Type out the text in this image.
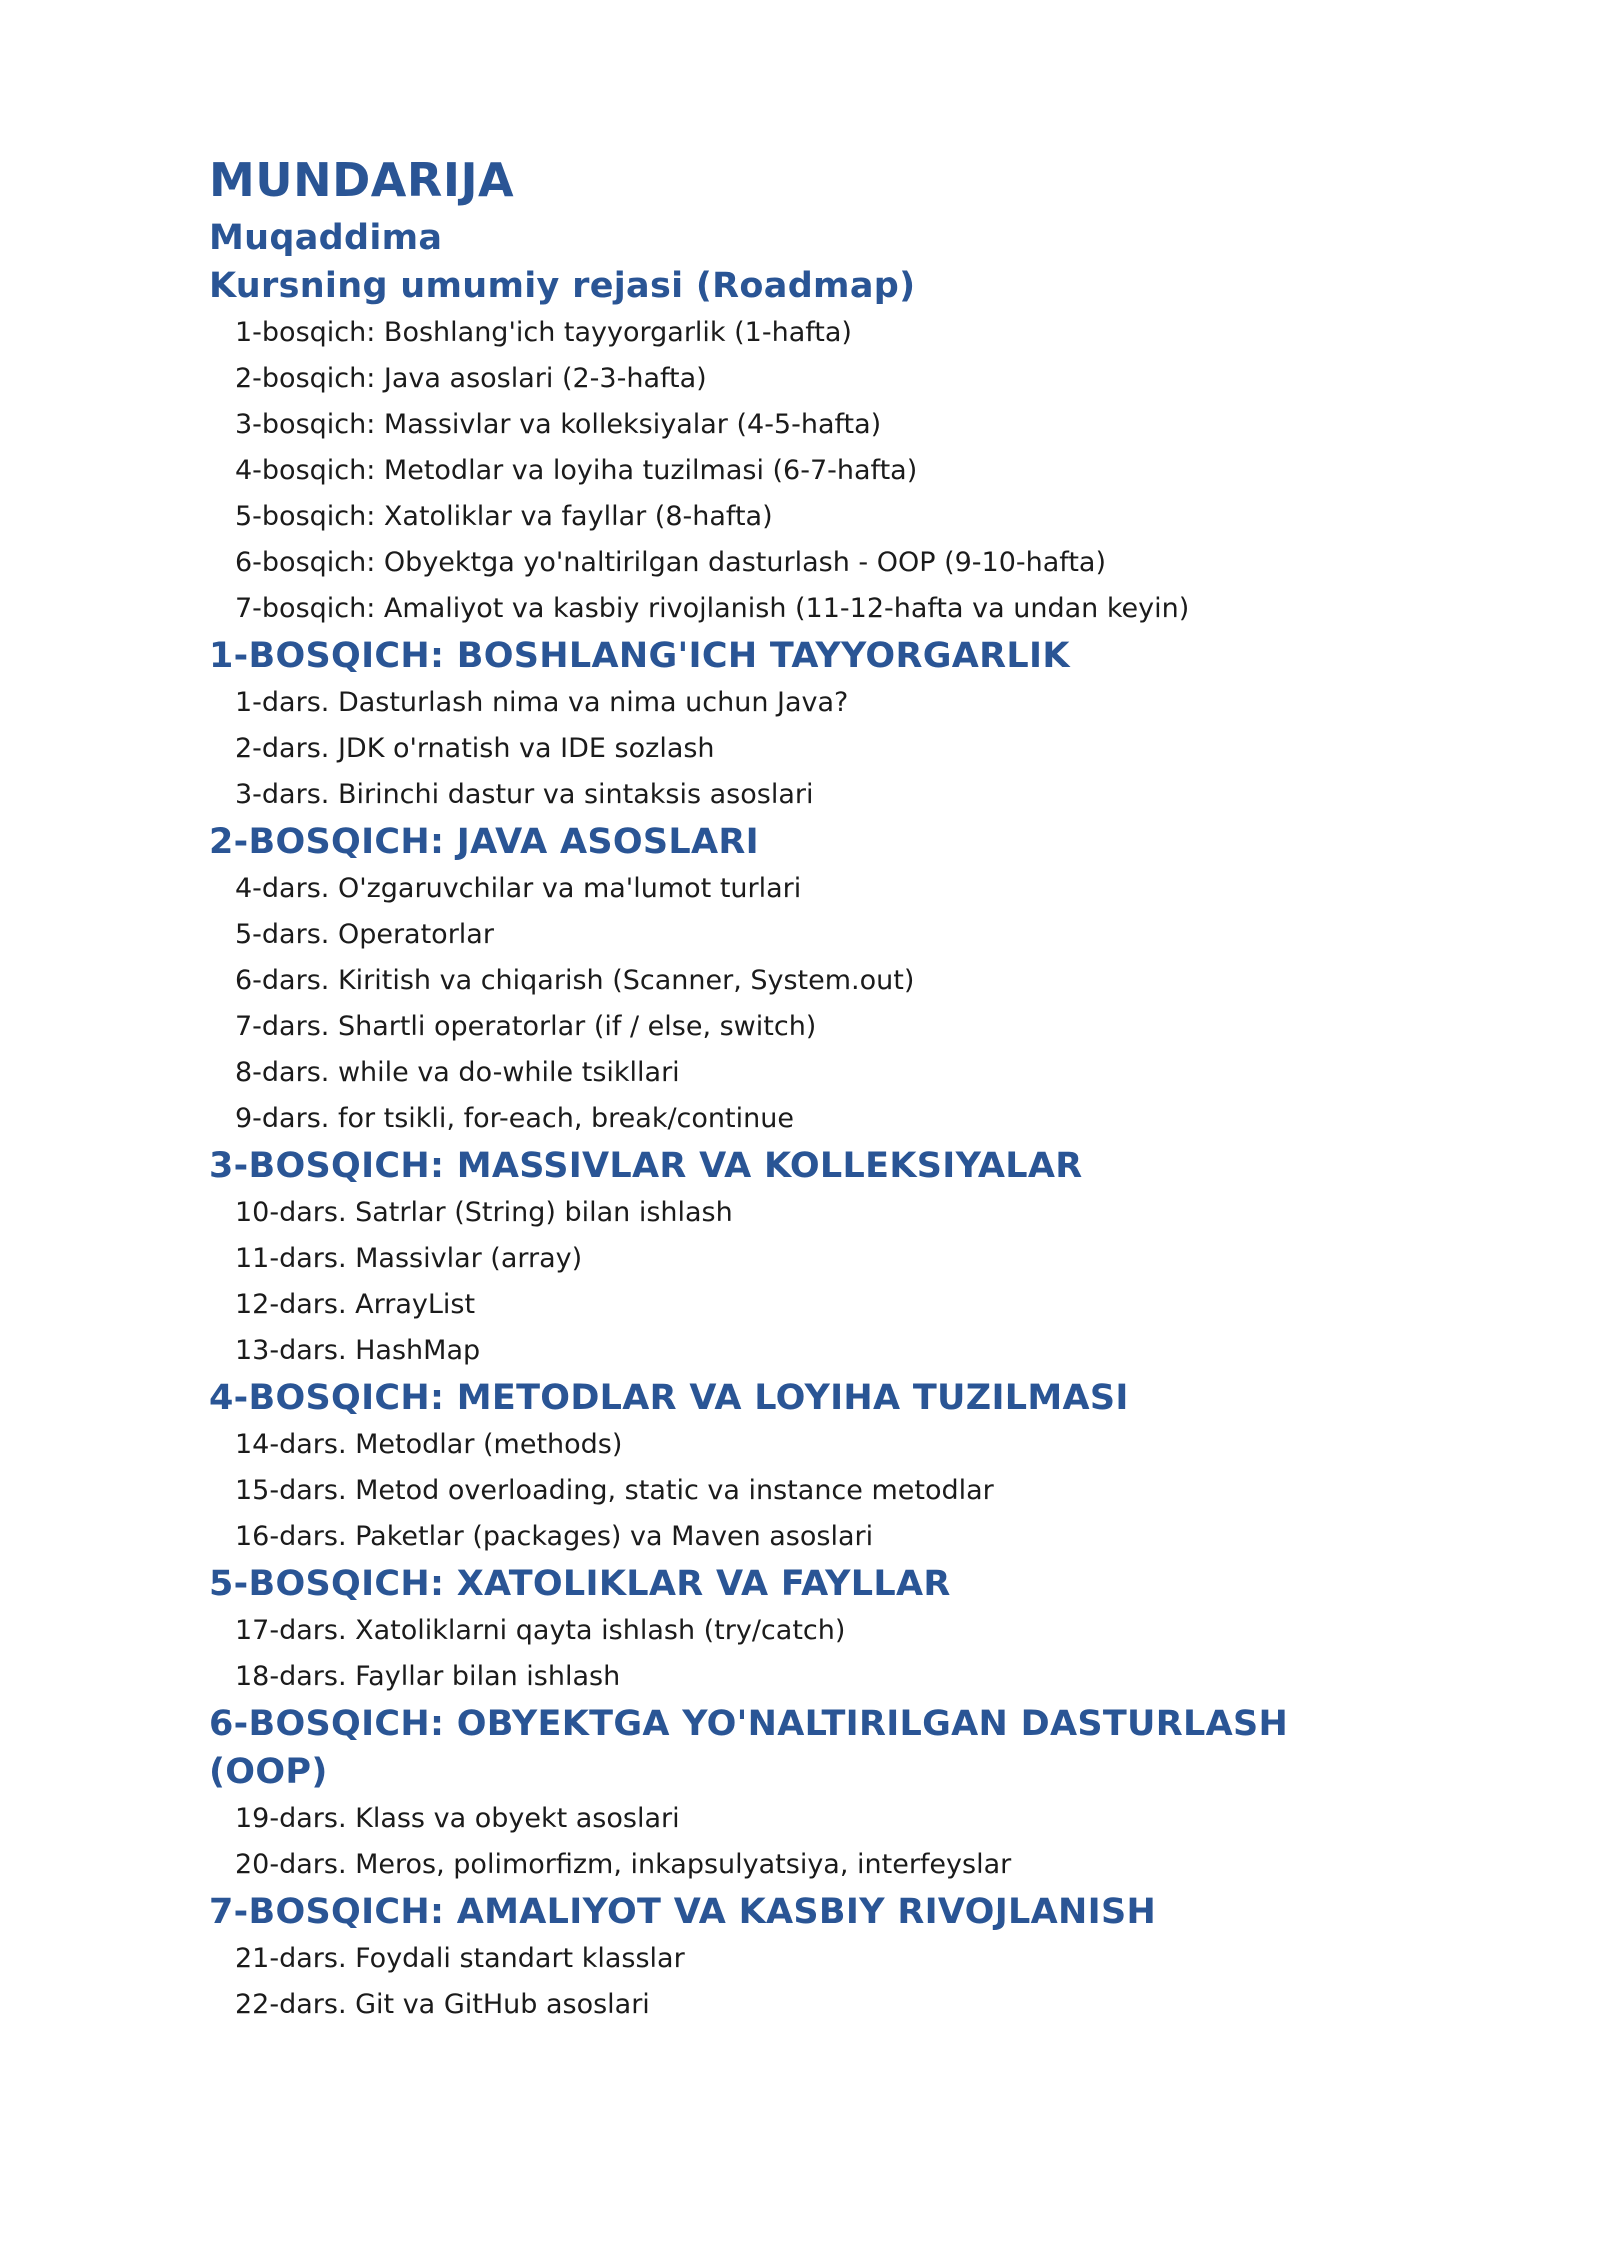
MUNDARIJA
Muqaddima
Kursning umumiy rejasi (Roadmap)
1-bosqich: Boshlang'ich tayyorgarlik (1-hafta)
2-bosqich: Java asoslari (2-3-hafta)
3-bosqich: Massivlar va kolleksiyalar (4-5-hafta)
4-bosqich: Metodlar va loyiha tuzilmasi (6-7-hafta)
5-bosqich: Xatoliklar va fayllar (8-hafta)
6-bosqich: Obyektga yo'naltirilgan dasturlash - OOP (9-10-hafta)
7-bosqich: Amaliyot va kasbiy rivojlanish (11-12-hafta va undan keyin)
1-BOSQICH: BOSHLANG'ICH TAYYORGARLIK
1-dars. Dasturlash nima va nima uchun Java?
2-dars. JDK o'rnatish va IDE sozlash
3-dars. Birinchi dastur va sintaksis asoslari
2-BOSQICH: JAVA ASOSLARI
4-dars. O'zgaruvchilar va ma'lumot turlari
5-dars. Operatorlar
6-dars. Kiritish va chiqarish (Scanner, System.out)
7-dars. Shartli operatorlar (if / else, switch)
8-dars. while va do-while tsikllari
9-dars. for tsikli, for-each, break/continue
3-BOSQICH: MASSIVLAR VA KOLLEKSIYALAR
10-dars. Satrlar (String) bilan ishlash
11-dars. Massivlar (array)
12-dars. ArrayList
13-dars. HashMap
4-BOSQICH: METODLAR VA LOYIHA TUZILMASI
14-dars. Metodlar (methods)
15-dars. Metod overloading, static va instance metodlar
16-dars. Paketlar (packages) va Maven asoslari
5-BOSQICH: XATOLIKLAR VA FAYLLAR
17-dars. Xatoliklarni qayta ishlash (try/catch)
18-dars. Fayllar bilan ishlash
6-BOSQICH: OBYEKTGA YO'NALTIRILGAN DASTURLASH
(OOP)
19-dars. Klass va obyekt asoslari
20-dars. Meros, polimorfizm, inkapsulyatsiya, interfeyslar
7-BOSQICH: AMALIYOT VA KASBIY RIVOJLANISH
21-dars. Foydali standart klasslar
22-dars. Git va GitHub asoslari
